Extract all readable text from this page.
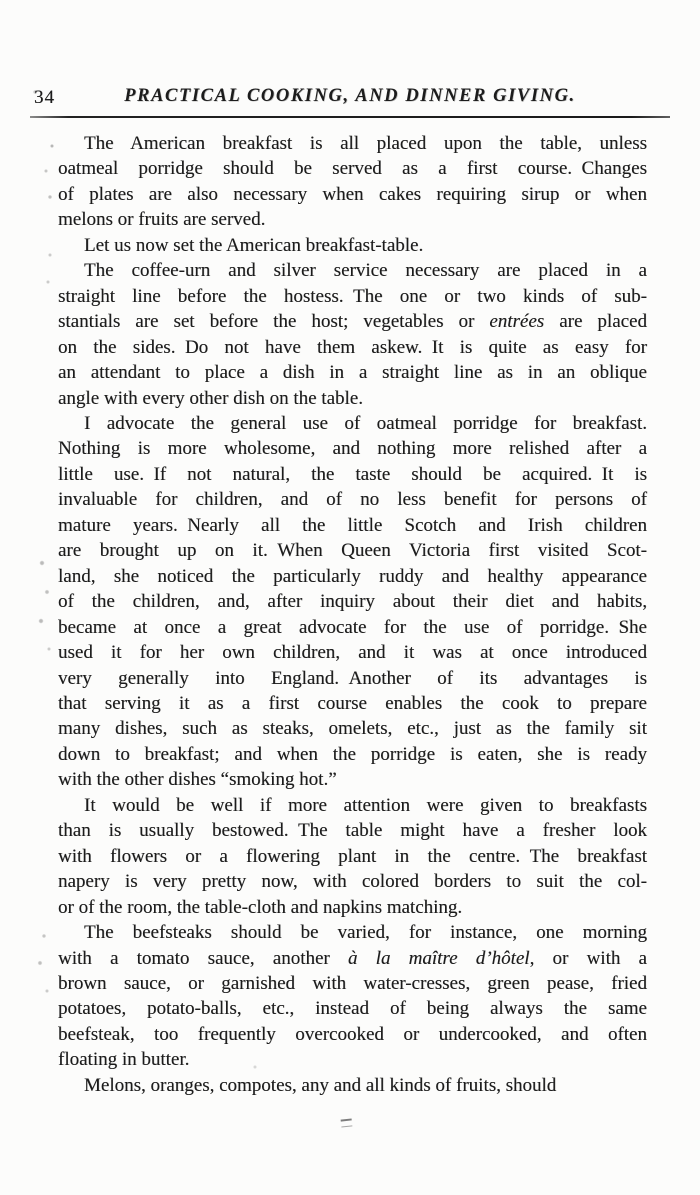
34	PRACTICAL COOKING, AND DINNER GIVING.
The American breakfast is all placed upon the table, unless
oatmeal porridge should be served as a first course. Changes
of plates are also necessary when cakes requiring sirup or when
melons or fruits are served.
Let us now set the American breakfast-table.
The coffee-urn and silver service necessary are placed in a
straight line before the hostess. The one or two kinds of sub-
stantials are set before the host; vegetables or entrées are placed
on the sides. Do not have them askew. It is quite as easy for
an attendant to place a dish in a straight line as in an oblique
angle with every other dish on the table.
I advocate the general use of oatmeal porridge for breakfast.
Nothing is more wholesome, and nothing more relished after a
little use. If not natural, the taste should be acquired. It is
invaluable for children, and of no less benefit for persons of
mature years. Nearly all the little Scotch and Irish children
are brought up on it. When Queen Victoria first visited Scot-
land, she noticed the particularly ruddy and healthy appearance
of the children, and, after inquiry about their diet and habits,
became at once a great advocate for the use of porridge. She
used it for her own children, and it was at once introduced
very generally into England. Another of its advantages is
that serving it as a first course enables the cook to prepare
many dishes, such as steaks, omelets, etc., just as the family sit
down to breakfast; and when the porridge is eaten, she is ready
with the other dishes “smoking hot.”
It would be well if more attention were given to breakfasts
than is usually bestowed. The table might have a fresher look
with flowers or a flowering plant in the centre. The breakfast
napery is very pretty now, with colored borders to suit the col-
or of the room, the table-cloth and napkins matching.
The beefsteaks should be varied, for instance, one morning
with a tomato sauce, another à la maître d’hôtel, or with a
brown sauce, or garnished with water-cresses, green pease, fried
potatoes, potato-balls, etc., instead of being always the same
beefsteak, too frequently overcooked or undercooked, and often
floating in butter.
Melons, oranges, compotes, any and all kinds of fruits, should
